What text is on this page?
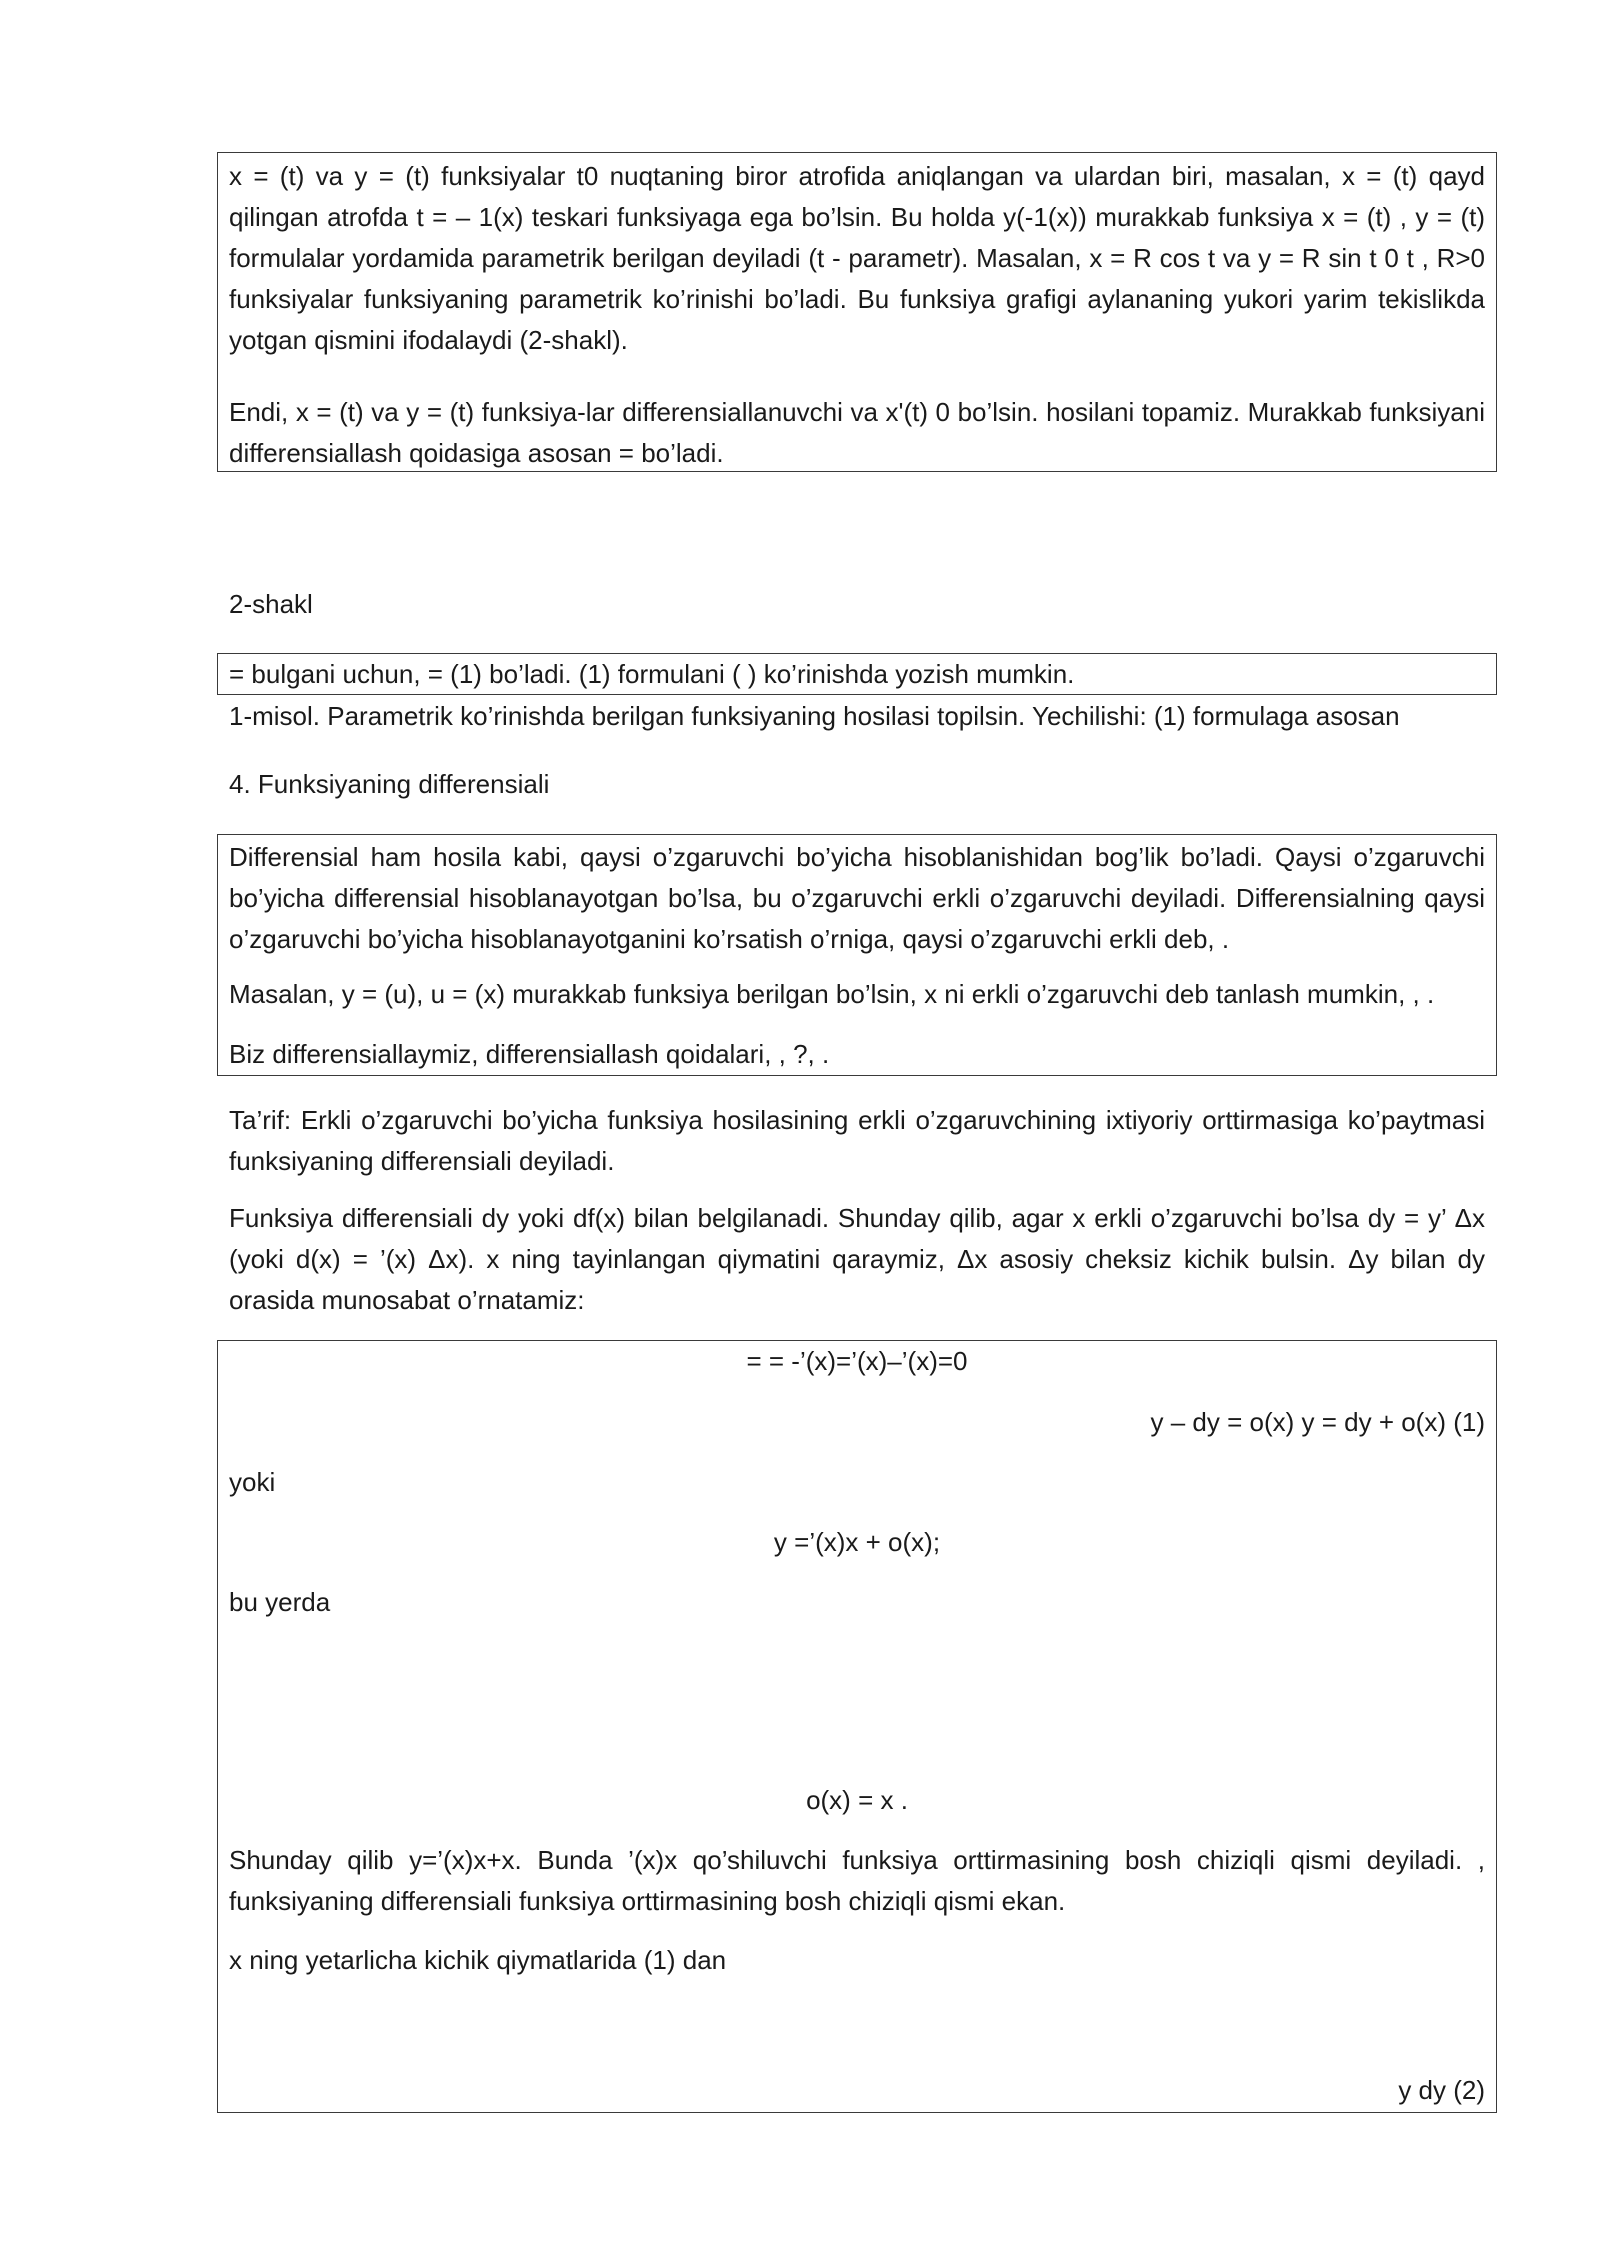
x = (t) va y = (t) funksiyalar t0 nuqtaning biror atrofida aniqlangan va ulardan biri, masalan, x = (t) qayd qilingan atrofda t = – 1(x) teskari funksiyaga ega bo’lsin. Bu holda y(-1(x)) murakkab funksiya x = (t) , y = (t) formulalar yordamida parametrik berilgan deyiladi (t - parametr). Masalan, x = R cos t va y = R sin t 0 t , R>0 funksiyalar funksiyaning parametrik ko’rinishi bo’ladi. Bu funksiya grafigi aylananing yukori yarim tekislikda yotgan qismini ifodalaydi (2-shakl).

Endi, x = (t) va y = (t) funksiya-lar differensiallanuvchi va x'(t) 0 bo’lsin. hosilani topamiz. Murakkab funksiyani differensiallash qoidasiga asosan = bo’ladi.

2-shakl

= bulgani uchun, = (1) bo’ladi. (1) formulani ( ) ko’rinishda yozish mumkin.

1-misol. Parametrik ko’rinishda berilgan funksiyaning hosilasi topilsin. Yechilishi: (1) formulaga asosan

4. Funksiyaning differensiali

Differensial ham hosila kabi, qaysi o’zgaruvchi bo’yicha hisoblanishidan bog’lik bo’ladi. Qaysi o’zgaruvchi bo’yicha differensial hisoblanayotgan bo’lsa, bu o’zgaruvchi erkli o’zgaruvchi deyiladi. Differensialning qaysi o’zgaruvchi bo’yicha hisoblanayotganini ko’rsatish o’rniga, qaysi o’zgaruvchi erkli deb, .

Masalan, y = (u), u = (x) murakkab funksiya berilgan bo’lsin, x ni erkli o’zgaruvchi deb tanlash mumkin, , .

Biz differensiallaymiz, differensiallash qoidalari, , ?, .

Ta’rif: Erkli o’zgaruvchi bo’yicha funksiya hosilasining erkli o’zgaruvchining ixtiyoriy orttirmasiga ko’paytmasi funksiyaning differensiali deyiladi.

Funksiya differensiali dy yoki df(x) bilan belgilanadi. Shunday qilib, agar x erkli o’zgaruvchi bo’lsa dy = y’ Δx (yoki d(x) = ’(x) Δx). x ning tayinlangan qiymatini qaraymiz, Δx asosiy cheksiz kichik bulsin. Δy bilan dy orasida munosabat o’rnatamiz:

= = -’(x)=’(x)–’(x)=0

y – dy = o(x) y = dy + o(x) (1)

yoki

y =’(x)x + o(x);

bu yerda

o(x) = x .

Shunday qilib y=’(x)x+x. Bunda ’(x)x qo’shiluvchi funksiya orttirmasining bosh chiziqli qismi deyiladi. , funksiyaning differensiali funksiya orttirmasining bosh chiziqli qismi ekan.

x ning yetarlicha kichik qiymatlarida (1) dan

y dy (2)
